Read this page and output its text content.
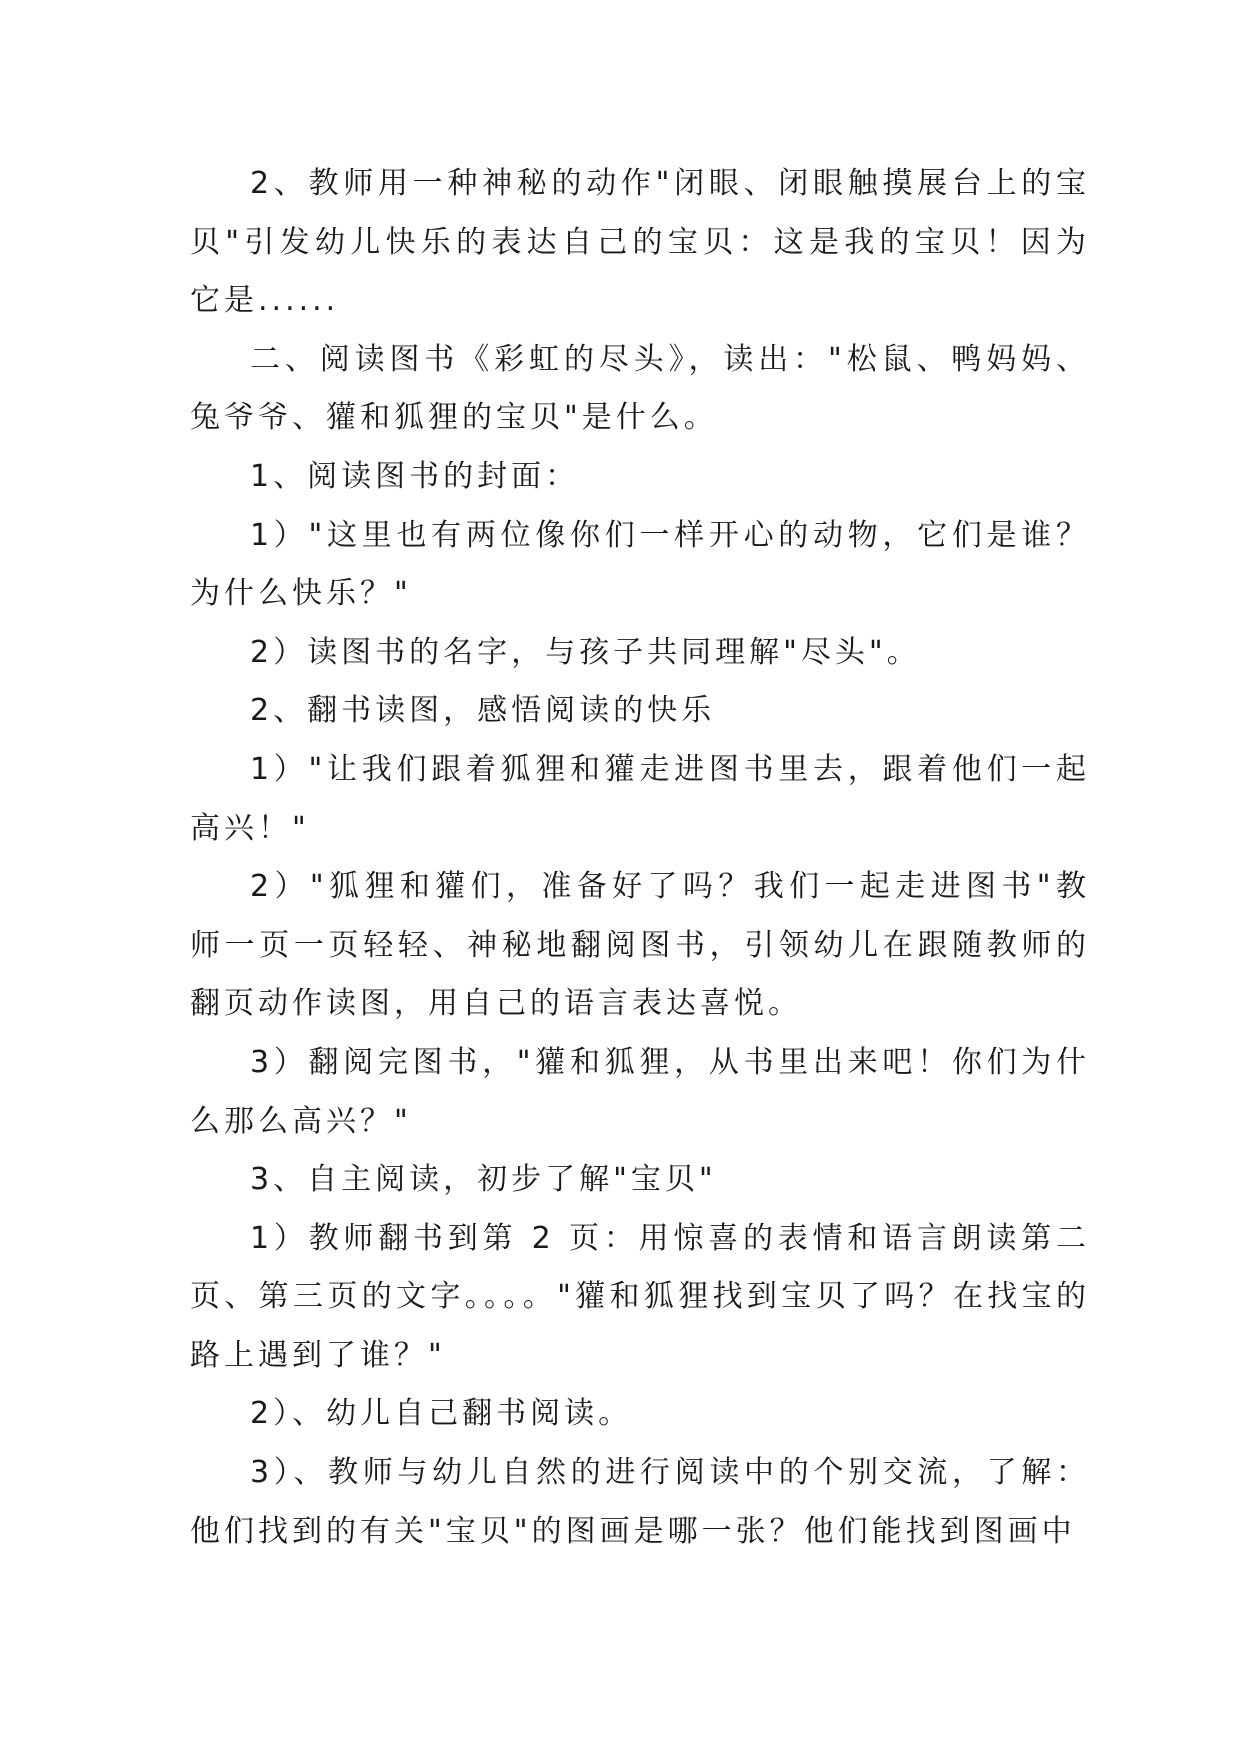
2、教师用一种神秘的动作"闭眼、闭眼触摸展台上的宝贝"引发幼儿快乐的表达自己的宝贝：这是我的宝贝！因为它是......

二、阅读图书《彩虹的尽头》，读出："松鼠、鸭妈妈、兔爷爷、獾和狐狸的宝贝"是什么。

1、阅读图书的封面：

1）"这里也有两位像你们一样开心的动物，它们是谁？为什么快乐？"

2）读图书的名字，与孩子共同理解"尽头"。

2、翻书读图，感悟阅读的快乐

1）"让我们跟着狐狸和獾走进图书里去，跟着他们一起高兴！"

2）"狐狸和獾们，准备好了吗？我们一起走进图书"教师一页一页轻轻、神秘地翻阅图书，引领幼儿在跟随教师的翻页动作读图，用自己的语言表达喜悦。

3）翻阅完图书，"獾和狐狸，从书里出来吧！你们为什么那么高兴？"

3、自主阅读，初步了解"宝贝"

1）教师翻书到第 2 页：用惊喜的表情和语言朗读第二页、第三页的文字。。。。"獾和狐狸找到宝贝了吗？在找宝的路上遇到了谁？"

2）、幼儿自己翻书阅读。

3）、教师与幼儿自然的进行阅读中的个别交流，了解：他们找到的有关"宝贝"的图画是哪一张？他们能找到图画中
